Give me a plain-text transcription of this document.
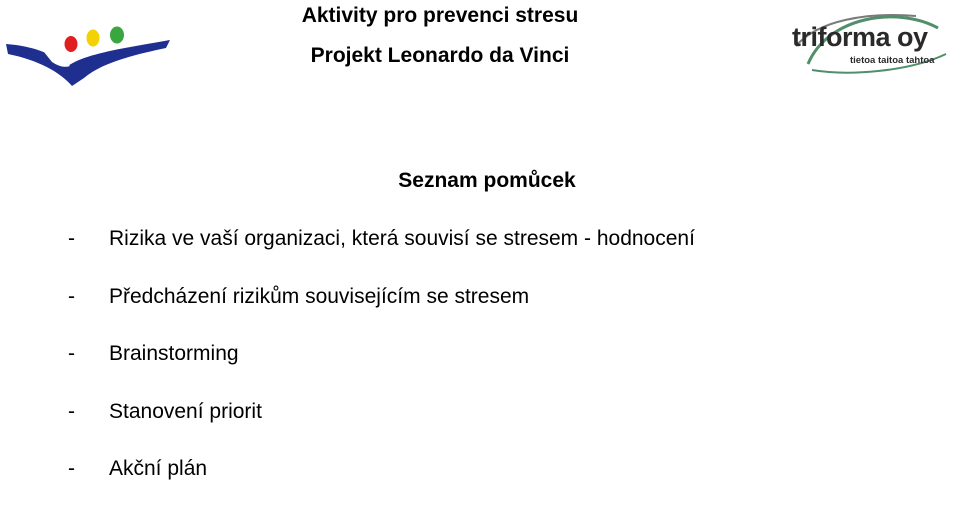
Aktivity pro prevenci stresu
Projekt Leonardo da Vinci
triforma oy
tietoa taitoa tahtoa
Seznam pomůcek
- Rizika ve vaší organizaci, která souvisí se stresem - hodnocení
- Předcházení rizikům souvisejícím se stresem
- Brainstorming
- Stanovení priorit
- Akční plán
